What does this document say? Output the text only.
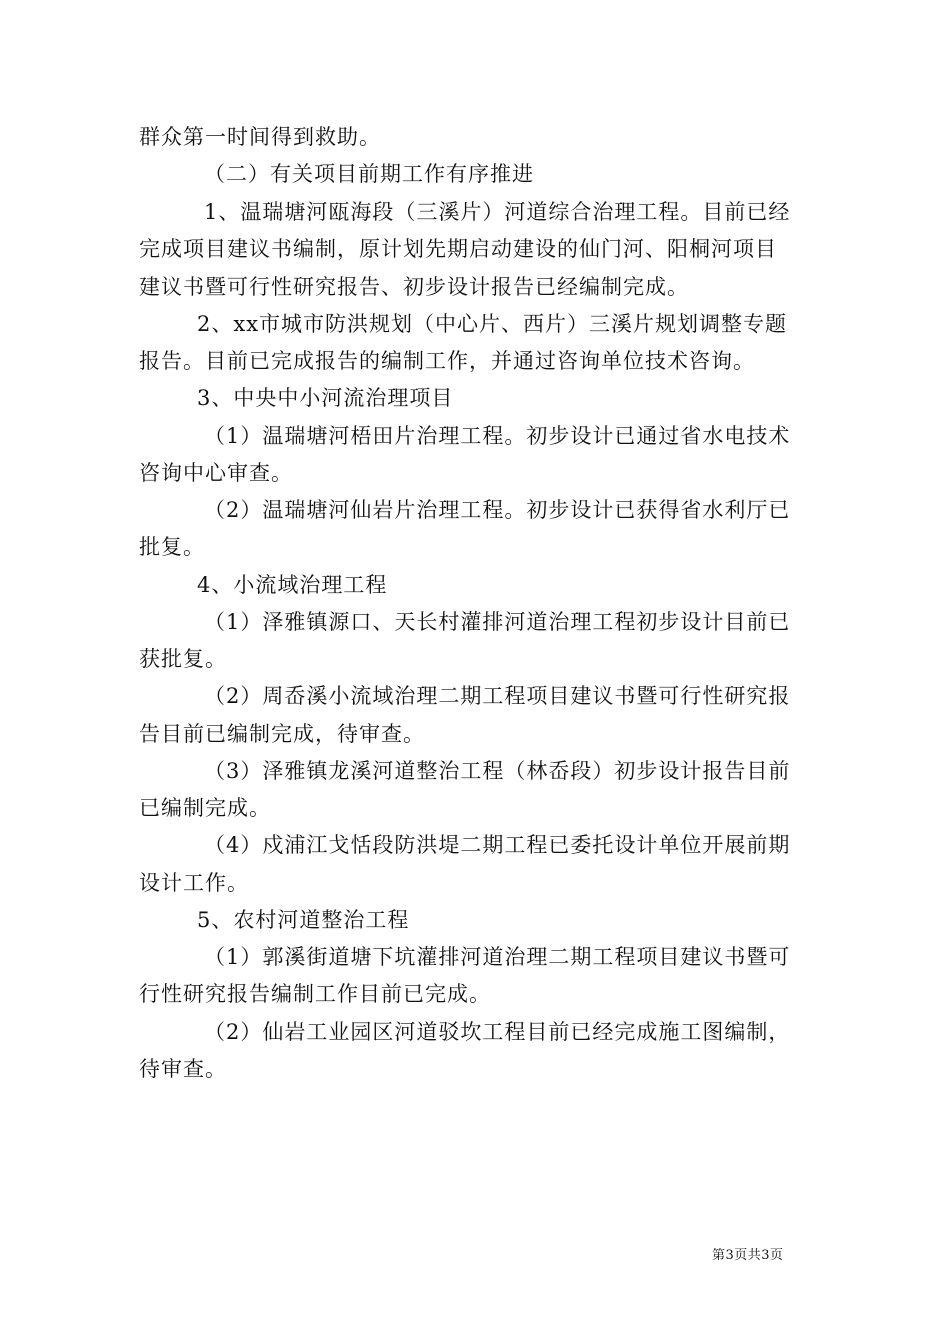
群众第一时间得到救助。
（二）有关项目前期工作有序推进
1、温瑞塘河瓯海段（三溪片）河道综合治理工程。目前已经
完成项目建议书编制，原计划先期启动建设的仙门河、阳桐河项目
建议书暨可行性研究报告、初步设计报告已经编制完成。
2、xx市城市防洪规划（中心片、西片）三溪片规划调整专题
报告。目前已完成报告的编制工作，并通过咨询单位技术咨询。
3、中央中小河流治理项目
（1）温瑞塘河梧田片治理工程。初步设计已通过省水电技术
咨询中心审查。
（2）温瑞塘河仙岩片治理工程。初步设计已获得省水利厅已
批复。
4、小流域治理工程
（1）泽雅镇源口、天长村灌排河道治理工程初步设计目前已
获批复。
（2）周岙溪小流域治理二期工程项目建议书暨可行性研究报
告目前已编制完成，待审查。
（3）泽雅镇龙溪河道整治工程（林岙段）初步设计报告目前
已编制完成。
（4）戍浦江戈恬段防洪堤二期工程已委托设计单位开展前期
设计工作。
5、农村河道整治工程
（1）郭溪街道塘下坑灌排河道治理二期工程项目建议书暨可
行性研究报告编制工作目前已完成。
（2）仙岩工业园区河道驳坎工程目前已经完成施工图编制，
待审查。
第3页共3页
